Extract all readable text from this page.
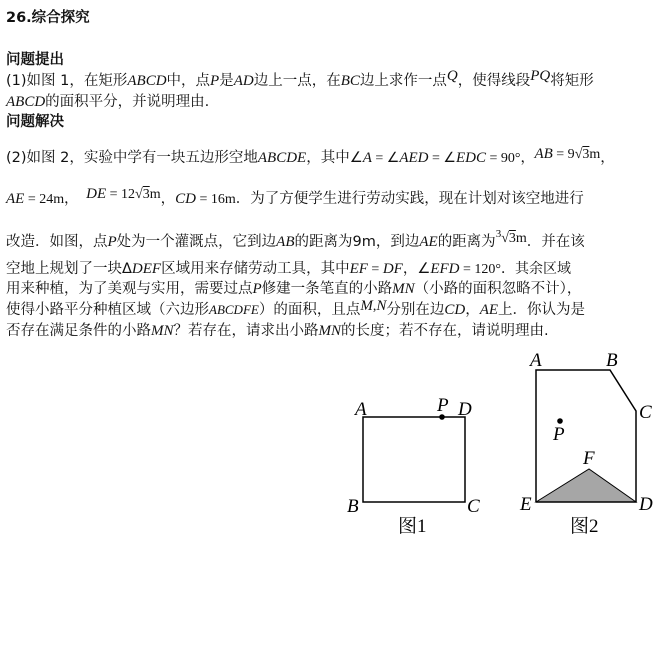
26.综合探究
问题提出
(1)如图 1，在矩形ABCD中，点P是AD边上一点，在BC边上求作一点Q，使得线段PQ将矩形
ABCD的面积平分，并说明理由.
问题解决
(2)如图 2，实验中学有一块五边形空地ABCDE，其中∠A = ∠AED = ∠EDC = 90°，AB = 9√3m，
AE = 24m， DE = 12√3m，CD = 16m．为了方便学生进行劳动实践，现在计划对该空地进行
改造．如图，点P处为一个灌溉点，它到边AB的距离为9m，到边AE的距离为$^3$√3m．并在该
空地上规划了一块ΔDEF区域用来存储劳动工具，其中EF = DF，∠EFD = 120°．其余区域
用来种植，为了美观与实用，需要过点P修建一条笔直的小路MN（小路的面积忽略不计），
使得小路平分种植区域（六边形ABCDFE）的面积，且点M,N分别在边CD，AE上．你认为是
否存在满足条件的小路MN？若存在，请求出小路MN的长度；若不存在，请说明理由.
A
B	C
D
P
图1
A	B
C
D
E
F
P
图2
